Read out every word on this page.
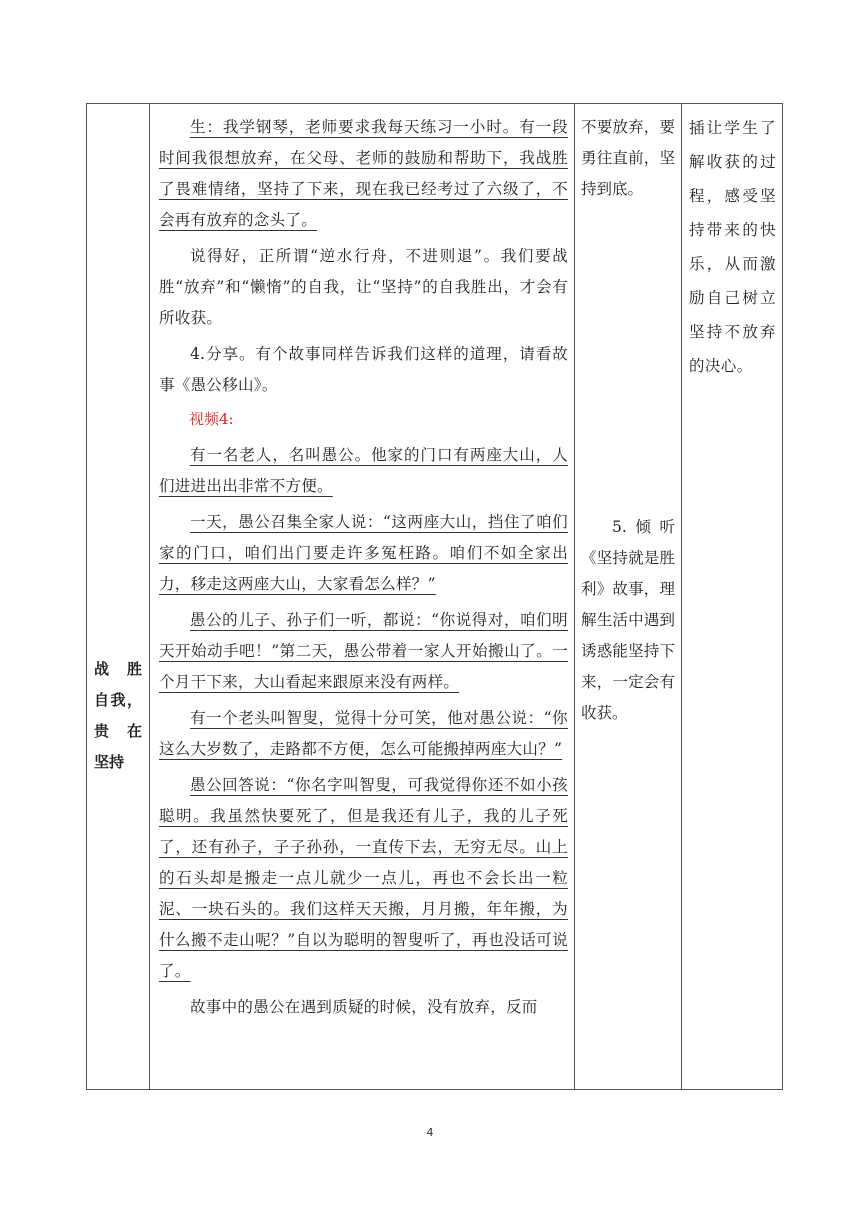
战 胜
自我，
贵 在
坚持

生：我学钢琴，老师要求我每天练习一小时。有一段时间我很想放弃，在父母、老师的鼓励和帮助下，我战胜了畏难情绪，坚持了下来，现在我已经考过了六级了，不会再有放弃的念头了。

说得好，正所谓“逆水行舟，不进则退”。我们要战胜“放弃”和“懒惰”的自我，让“坚持”的自我胜出，才会有所收获。

4.分享。有个故事同样告诉我们这样的道理，请看故事《愚公移山》。

视频4:

有一名老人，名叫愚公。他家的门口有两座大山，人们进进出出非常不方便。

一天，愚公召集全家人说：“这两座大山，挡住了咱们家的门口，咱们出门要走许多冤枉路。咱们不如全家出力，移走这两座大山，大家看怎么样？”

愚公的儿子、孙子们一听，都说：“你说得对，咱们明天开始动手吧！”第二天，愚公带着一家人开始搬山了。一个月干下来，大山看起来跟原来没有两样。

有一个老头叫智叟，觉得十分可笑，他对愚公说：“你这么大岁数了，走路都不方便，怎么可能搬掉两座大山？”

愚公回答说：“你名字叫智叟，可我觉得你还不如小孩聪明。我虽然快要死了，但是我还有儿子，我的儿子死了，还有孙子，子子孙孙，一直传下去，无穷无尽。山上的石头却是搬走一点儿就少一点儿，再也不会长出一粒泥、一块石头的。我们这样天天搬，月月搬，年年搬，为什么搬不走山呢？”自以为聪明的智叟听了，再也没话可说了。

故事中的愚公在遇到质疑的时候，没有放弃，反而

不要放弃，要勇往直前，坚持到底。
5.倾听《坚持就是胜利》故事，理解生活中遇到诱惑能坚持下来，一定会有收获。
插让学生了解收获的过程，感受坚持带来的快乐，从而激励自己树立坚持不放弃的决心。
4
